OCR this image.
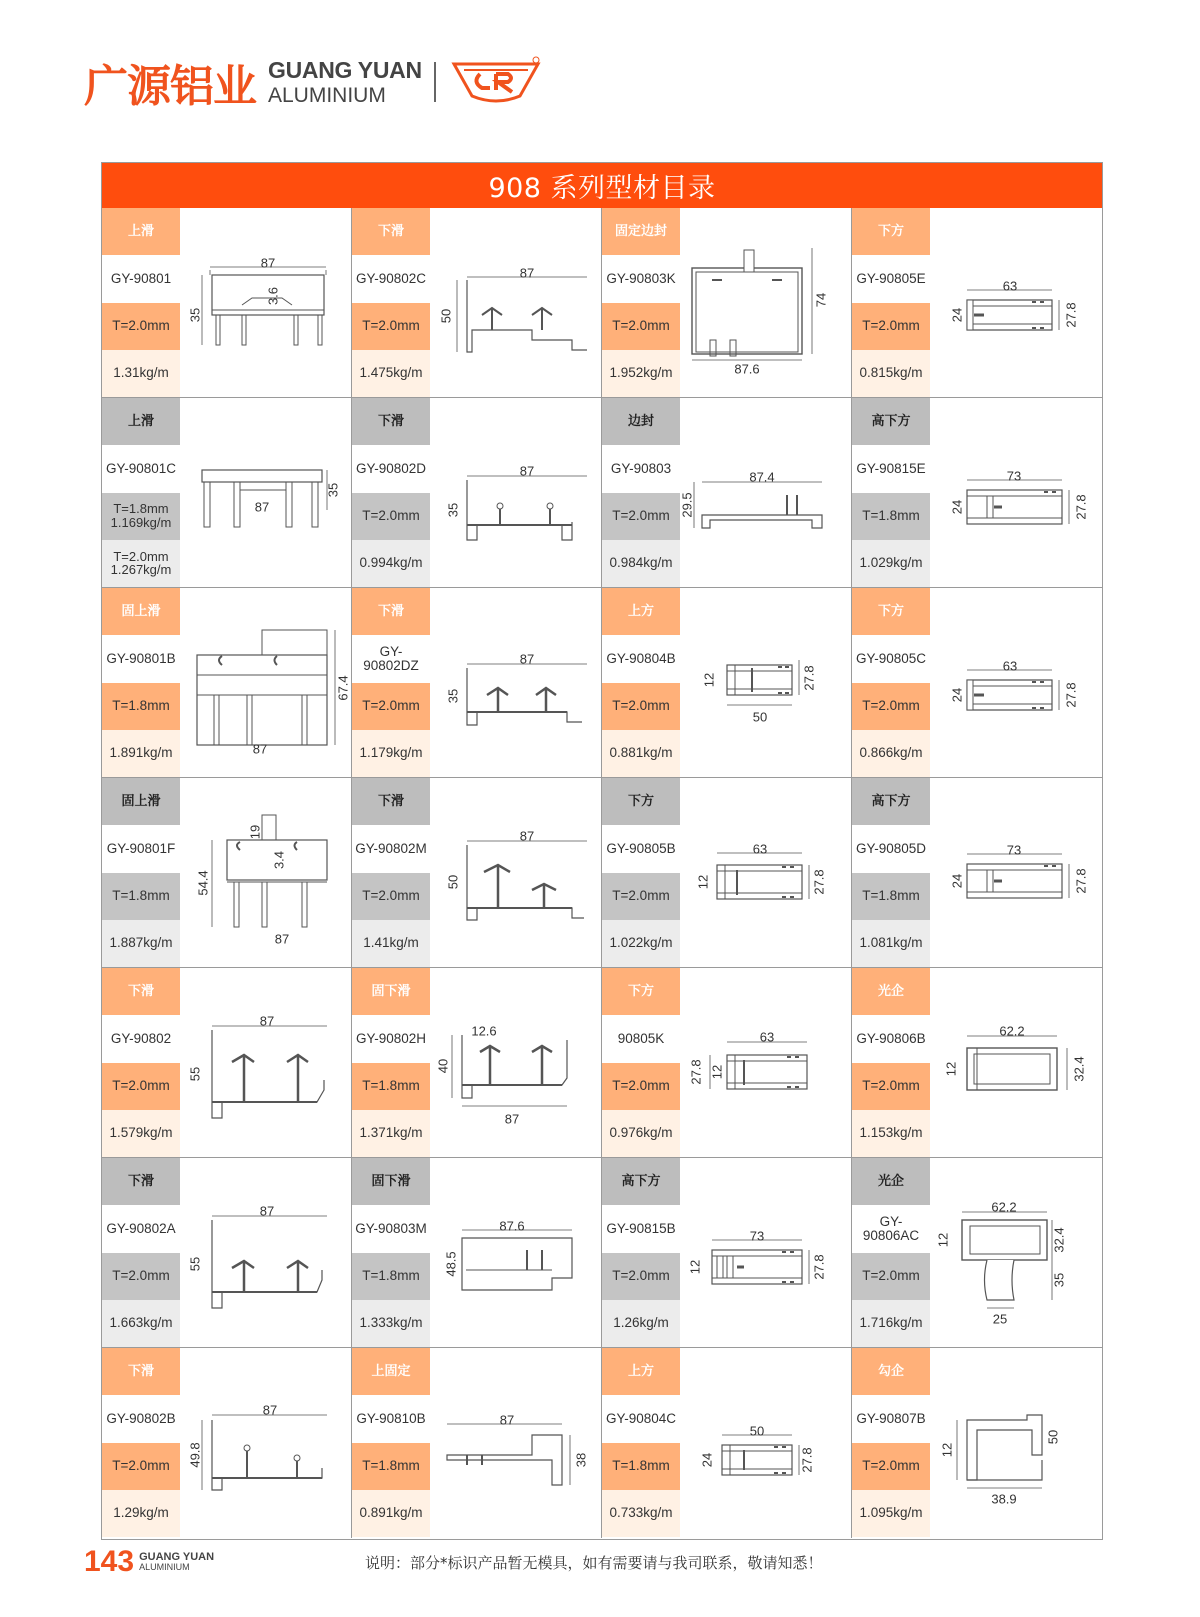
广源铝业 GUANG YUAN
ALUMINIUM
908 系列型材目录
上滑
GY-90801
T=2.0mm
1.31kg/m
87
3.6
35
下滑
GY-90802C
T=2.0mm
1.475kg/m
87
50
固定边封
GY-90803K
T=2.0mm
1.952kg/m
74
87.6
下方
GY-90805E
T=2.0mm
0.815kg/m
63
24	27.8
上滑
GY-90801C
T=1.8mm
1.169kg/m
T=2.0mm
1.267kg/m
87
35
下滑
GY-90802D
T=2.0mm
0.994kg/m
87
35
边封
GY-90803
T=2.0mm
0.984kg/m
87.4
29.5
高下方
GY-90815E
T=1.8mm
1.029kg/m
73
24	27.8
固上滑
GY-90801B
T=1.8mm
1.891kg/m
67.4
87
下滑
GY-90802DZ
T=2.0mm
1.179kg/m
87
35
上方
GY-90804B
T=2.0mm
0.881kg/m
12	27.8
50
下方
GY-90805C
T=2.0mm
0.866kg/m
63
24	27.8
固上滑
GY-90801F
T=1.8mm
1.887kg/m
19
3.4
54.4
87
下滑
GY-90802M
T=2.0mm
1.41kg/m
87
50
下方
GY-90805B
T=2.0mm
1.022kg/m
63
12	27.8
高下方
GY-90805D
T=1.8mm
1.081kg/m
73
24	27.8
下滑
GY-90802
T=2.0mm
1.579kg/m
87
55
固下滑
GY-90802H
T=1.8mm
1.371kg/m
12.6
40
87
下方
90805K
T=2.0mm
0.976kg/m
63
27.8 12
光企
GY-90806B
T=2.0mm
1.153kg/m
62.2
12	32.4
下滑
GY-90802A
T=2.0mm
1.663kg/m
87
55
固下滑
GY-90803M
T=1.8mm
1.333kg/m
87.6
48.5
高下方
GY-90815B
T=2.0mm
1.26kg/m
73
12	27.8
光企
GY-90806AC
T=2.0mm
1.716kg/m
62.2
12	32.4
35
25
下滑
GY-90802B
T=2.0mm
1.29kg/m
87
49.8
上固定
GY-90810B
T=1.8mm
0.891kg/m
87
38
上方
GY-90804C
T=1.8mm
0.733kg/m
50
24	27.8
勾企
GY-90807B
T=2.0mm
1.095kg/m
38.9
12
50
143 GUANG YUAN
ALUMINIUM	说明：部分*标识产品暂无模具，如有需要请与我司联系，敬请知悉！
